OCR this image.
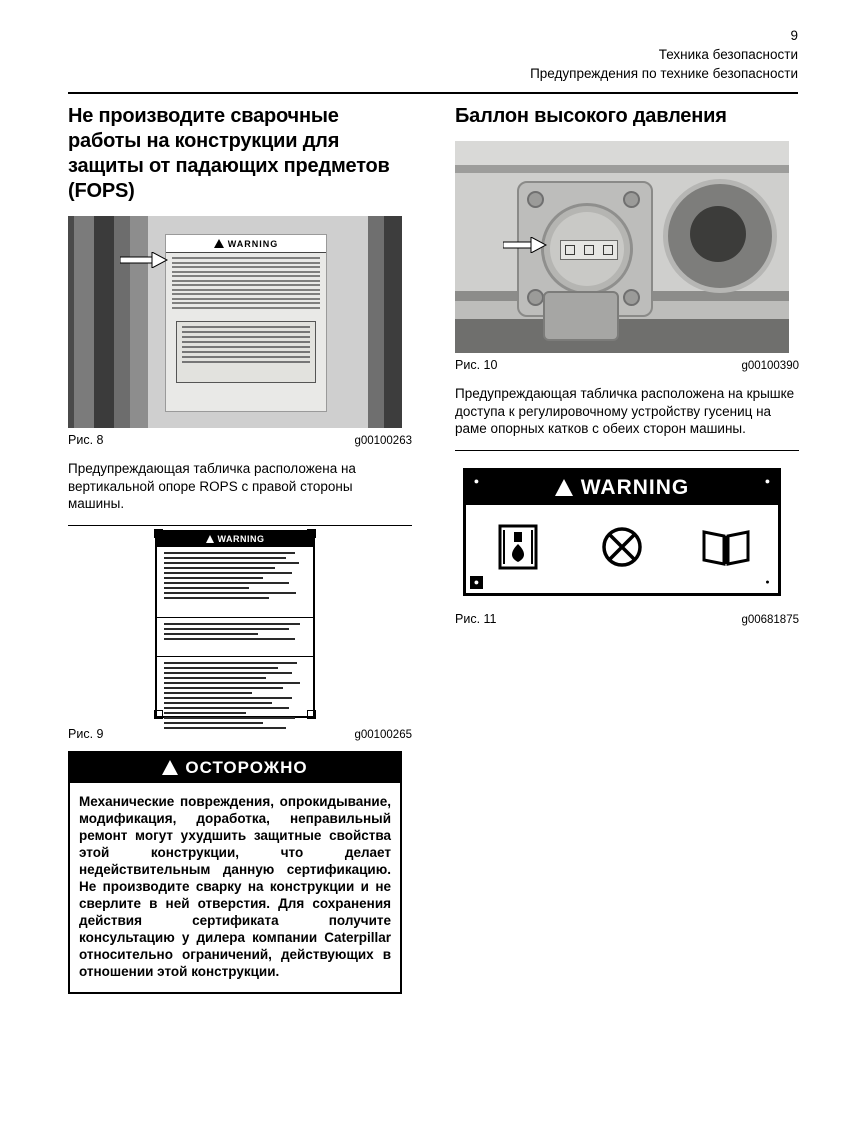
9
Техника безопасности
Предупреждения по технике безопасности
Не производите сварочные работы на конструкции для защиты от падающих предметов (FOPS)
WARNING
Рис. 8	g00100263
Предупреждающая табличка расположена на вертикальной опоре ROPS с правой стороны машины.
WARNING
Рис. 9	g00100265
ОСТОРОЖНО
Механические повреждения, опрокидывание, модификация, доработка, неправильный ремонт могут ухудшить защитные свойства этой конструкции, что делает недействительным данную сертификацию. Не производите сварку на конструкции и не сверлите в ней отверстия. Для сохранения действия сертификата получите консультацию у дилера компании Caterpillar относительно ограничений, действующих в отношении этой конструкции.
Баллон высокого давления
Рис. 10	g00100390
Предупреждающая табличка расположена на крышке доступа к регулировочному устройству гусениц на раме опорных катков с обеих сторон машины.
●	●
●	●
WARNING
Рис. 11	g00681875
